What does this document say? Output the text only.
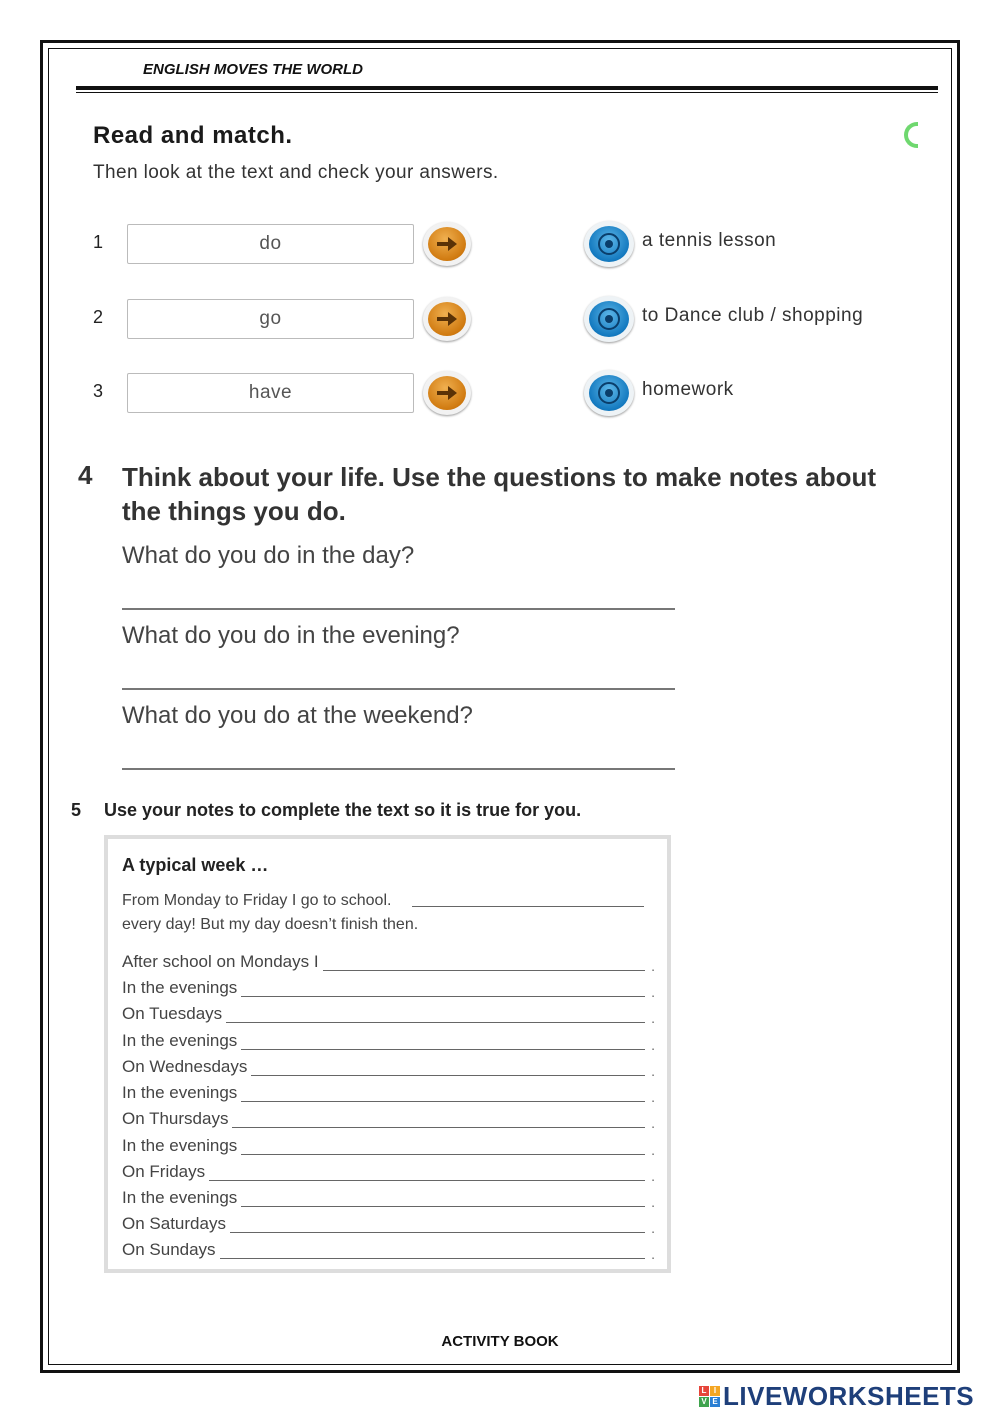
ENGLISH MOVES THE WORLD
Read and match.
Then look at the text and check your answers.
1	do	a tennis lesson
2	go	to Dance club / shopping
3	have	homework
4 Think about your life. Use the questions to make notes about the things you do.
What do you do in the day?
What do you do in the evening?
What do you do at the weekend?
5 Use your notes to complete the text so it is true for you.
A typical week …
From Monday to Friday I go to school.
every day! But my day doesn’t finish then.
After school on Mondays I	.
In the evenings	.
On Tuesdays	.
In the evenings	.
On Wednesdays	.
In the evenings	.
On Thursdays	.
In the evenings	.
On Fridays	.
In the evenings	.
On Saturdays	.
On Sundays	.
ACTIVITY BOOK
L I
V E LIVEWORKSHEETS
